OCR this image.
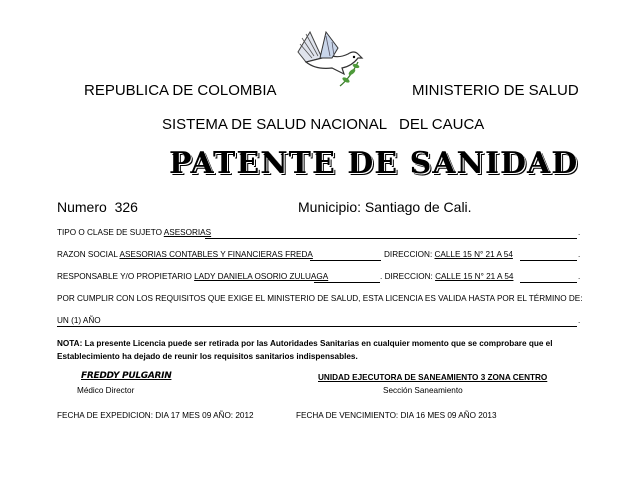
REPUBLICA DE COLOMBIA	MINISTERIO DE SALUD
SISTEMA DE SALUD NACIONAL   DEL CAUCA
PATENTE DE SANIDAD
Numero 326	Municipio: Santiago de Cali.
TIPO O CLASE DE SUJETO ASESORIAS	.
RAZON SOCIAL ASESORIAS CONTABLES Y FINANCIERAS FREDA	DIRECCION: CALLE 15 N° 21 A 54	.
RESPONSABLE Y/O PROPIETARIO LADY DANIELA OSORIO ZULUAGA	. DIRECCION: CALLE 15 N° 21 A 54	.
POR CUMPLIR CON LOS REQUISITOS QUE EXIGE EL MINISTERIO DE SALUD, ESTA LICENCIA ES VALIDA HASTA POR EL TÉRMINO DE:
UN (1) AÑO	.
NOTA: La presente Licencia puede ser retirada por las Autoridades Sanitarias en cualquier momento que se comprobare que el
Establecimiento ha dejado de reunir los requisitos sanitarios indispensables.
FREDDY PULGARIN
Médico Director
UNIDAD EJECUTORA DE SANEAMIENTO 3 ZONA CENTRO
Sección Saneamiento
FECHA DE EXPEDICION: DIA 17 MES 09 AÑO: 2012	FECHA DE VENCIMIENTO: DIA 16 MES 09 AÑO 2013
